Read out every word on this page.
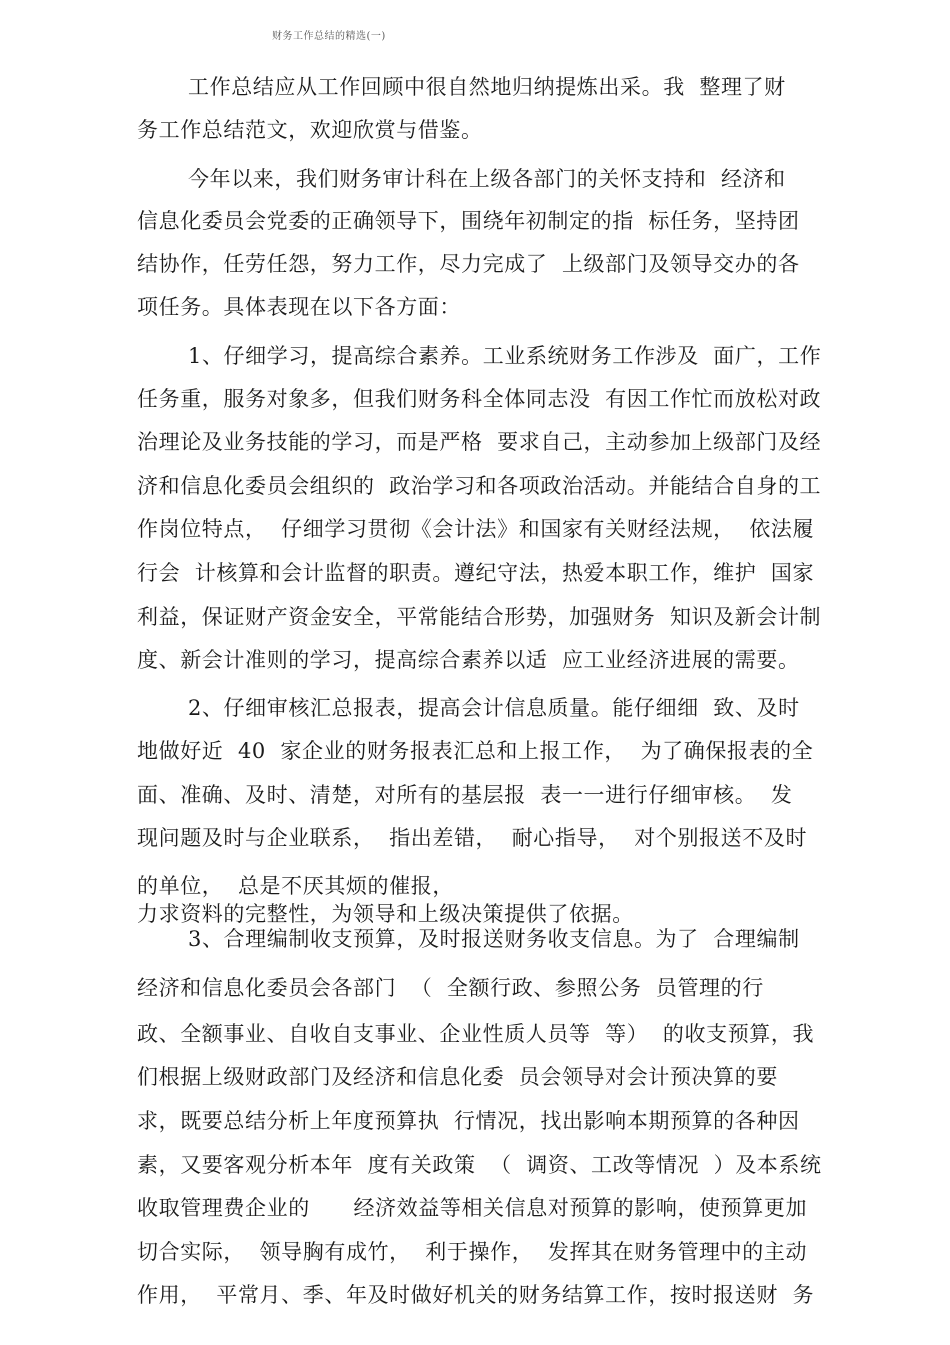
财务工作总结的精选(一)
工作总结应从工作回顾中很自然地归纳提炼出采。我  整理了财
务工作总结范文，欢迎欣赏与借鉴。
今年以来，我们财务审计科在上级各部门的关怀支持和  经济和
信息化委员会党委的正确领导下，围绕年初制定的指  标任务，坚持团
结协作，任劳任怨，努力工作，尽力完成了  上级部门及领导交办的各
项任务。具体表现在以下各方面：
1、仔细学习，提高综合素养。工业系统财务工作涉及  面广，工作
任务重，服务对象多，但我们财务科全体同志没  有因工作忙而放松对政
治理论及业务技能的学习，而是严格  要求自己，主动参加上级部门及经
济和信息化委员会组织的  政治学习和各项政治活动。并能结合自身的工
作岗位特点，  仔细学习贯彻《会计法》和国家有关财经法规，  依法履
行会  计核算和会计监督的职责。遵纪守法，热爱本职工作，维护  国家
利益，保证财产资金安全，平常能结合形势，加强财务  知识及新会计制
度、新会计准则的学习，提高综合素养以适  应工业经济进展的需要。
2、仔细审核汇总报表，提高会计信息质量。能仔细细  致、及时
地做好近  40  家企业的财务报表汇总和上报工作，  为了确保报表的全
面、准确、及时、清楚，对所有的基层报  表一一进行仔细审核。  发
现问题及时与企业联系，  指出差错，  耐心指导，  对个别报送不及时
的单位，  总是不厌其烦的催报，
力求资料的完整性，为领导和上级决策提供了依据。
3、合理编制收支预算，及时报送财务收支信息。为了  合理编制
经济和信息化委员会各部门  （  全额行政、参照公务  员管理的行
政、全额事业、自收自支事业、企业性质人员等  等）  的收支预算，我
们根据上级财政部门及经济和信息化委  员会领导对会计预决算的要
求，既要总结分析上年度预算执  行情况，找出影响本期预算的各种因
素，又要客观分析本年  度有关政策  （  调资、工改等情况  ）及本系统
收取管理费企业的      经济效益等相关信息对预算的影响，使预算更加
切合实际，  领导胸有成竹，  利于操作，  发挥其在财务管理中的主动
作用，  平常月、季、年及时做好机关的财务结算工作，按时报送财  务
